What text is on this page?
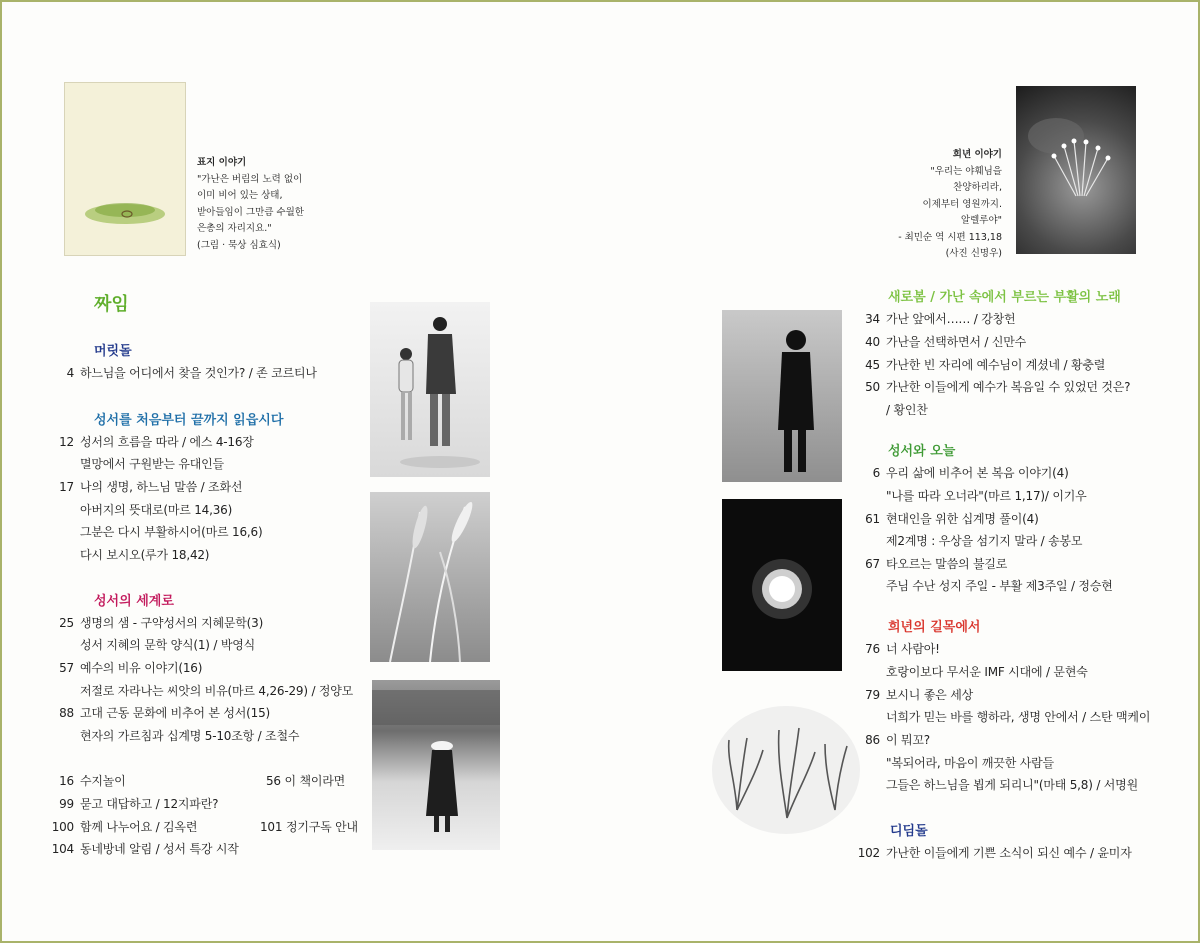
표지 이야기
"가난은 버림의 노력 없이
이미 비어 있는 상태,
받아들임이 그만큼 수월한
은총의 자리지요."
(그림 · 묵상 심효식)
짜임
머릿돌
4 하느님을 어디에서 찾을 것인가? / 존 코르티나
성서를 처음부터 끝까지 읽읍시다
12 성서의 흐름을 따라 / 에스 4-16장
멸망에서 구원받는 유대인들
17 나의 생명, 하느님 말씀 / 조화선
아버지의 뜻대로(마르 14,36)
그분은 다시 부활하시어(마르 16,6)
다시 보시오(루가 18,42)
성서의 세계로
25 생명의 샘 - 구약성서의 지혜문학(3)
성서 지혜의 문학 양식(1) / 박영식
57 예수의 비유 이야기(16)
저절로 자라나는 씨앗의 비유(마르 4,26-29) / 정양모
88 고대 근동 문화에 비추어 본 성서(15)
현자의 가르침과 십계명 5-10조항 / 조철수
16 수지놀이	56 이 책이라면
99 묻고 대답하고 / 12지파란?
100 함께 나누어요 / 김옥련	101 정기구독 안내
104 동네방네 알림 / 성서 특강 시작
희년 이야기
"우리는 야훼님을
찬양하리라,
이제부터 영원까지.
알렐루야"
- 최민순 역 시편 113,18
(사진 신명우)
새로봄 / 가난 속에서 부르는 부활의 노래
34 가난 앞에서…… / 강창헌
40 가난을 선택하면서 / 신만수
45 가난한 빈 자리에 예수님이 계셨네 / 황충렬
50 가난한 이들에게 예수가 복음일 수 있었던 것은?
/ 황인찬
성서와 오늘
6 우리 삶에 비추어 본 복음 이야기(4)
"나를 따라 오너라"(마르 1,17)/ 이기우
61 현대인을 위한 십계명 풀이(4)
제2계명 : 우상을 섬기지 말라 / 송봉모
67 타오르는 말씀의 불길로
주님 수난 성지 주일 - 부활 제3주일 / 정승현
희년의 길목에서
76 너 사람아!
호랑이보다 무서운 IMF 시대에 / 문현숙
79 보시니 좋은 세상
너희가 믿는 바를 행하라, 생명 안에서 / 스탄 맥케이
86 이 뭐꼬?
"복되어라, 마음이 깨끗한 사람들
그들은 하느님을 뵙게 되리니"(마태 5,8) / 서명원
디딤돌
102 가난한 이들에게 기쁜 소식이 되신 예수 / 윤미자
